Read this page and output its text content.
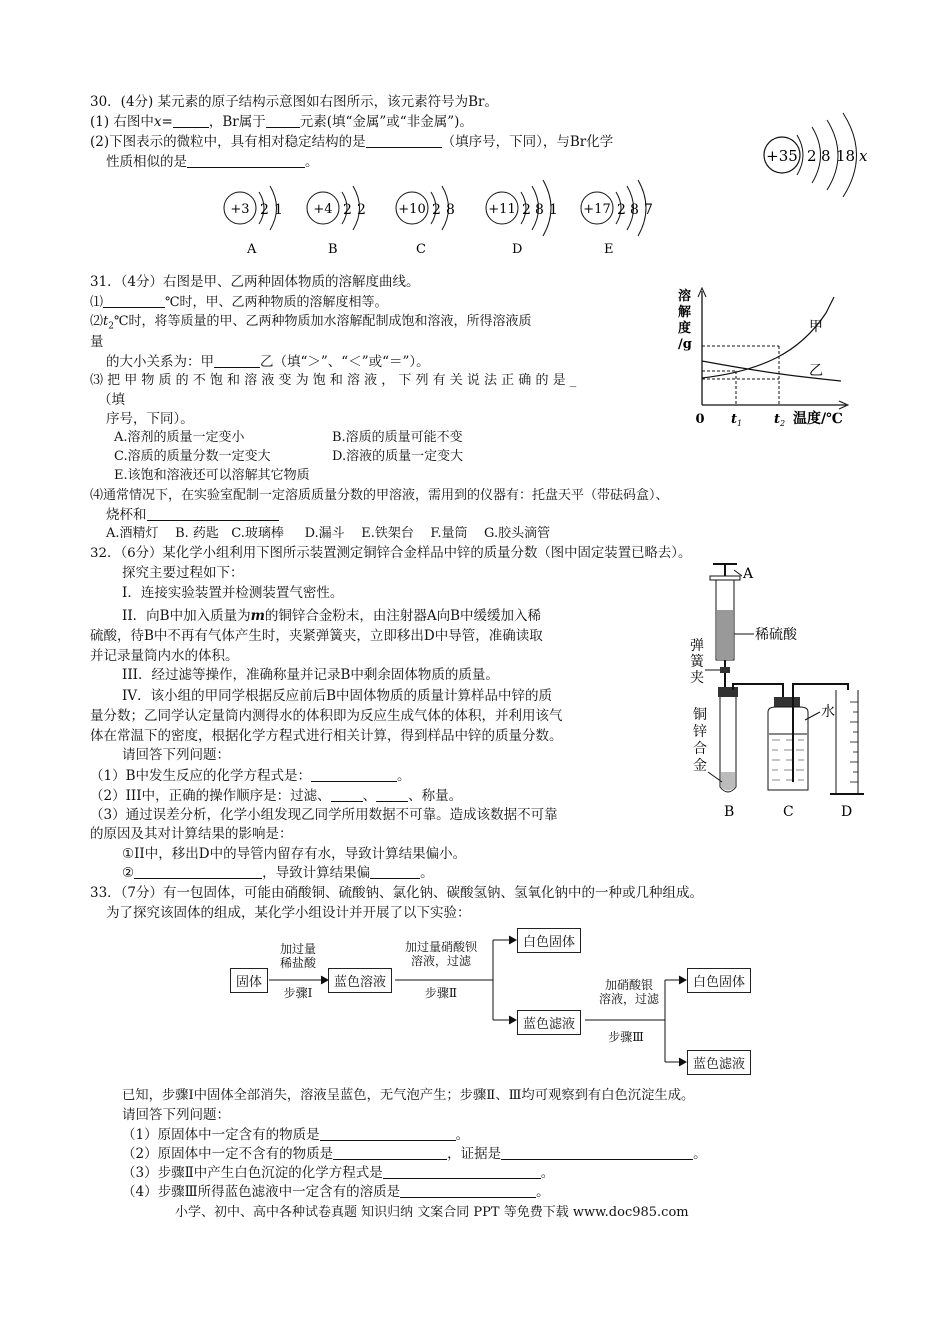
30．(4分) 某元素的原子结构示意图如右图所示，该元素符号为Br。
(1) 右图中x=	，Br属于	元素(填“金属”或“非金属”)。
(2)下图表示的微粒中，具有相对稳定结构的是	（填序号，下同），与Br化学
性质相似的是	。	+35 2 8 18 x
+3 2 1
A
+4 2 2
B
+10 2 8
C
+11 2 8 1
D
+17 2 8 7
E
31．（4分）右图是甲、乙两种固体物质的溶解度曲线。
⑴	℃时，甲、乙两种物质的溶解度相等。
$⑵t_2℃$时，将等质量的甲、乙两种物质加水溶解配制成饱和溶液，所得溶液质
量
的大小关系为：甲	乙（填“＞”、“＜”或“＝”）。
⑶ 把 甲 物 质 的 不 饱 和 溶 液 变 为 饱 和 溶 液 ， 下 列 有 关 说 法 正 确 的 是 _
（填
序号，下同）。
A.溶剂的质量一定变小	B.溶质的质量可能不变
C.溶质的质量分数一定变大	D.溶液的质量一定变大
E.该饱和溶液还可以溶解其它物质
⑷通常情况下，在实验室配制一定溶质质量分数的甲溶液，需用到的仪器有：托盘天平（带砝码盒）、
烧杯和
A.酒精灯 B. 药匙 C.玻璃棒 D.漏斗 E.铁架台 F.量筒 G.胶头滴管
溶
解
度
/g
甲
乙
0 t 1 t 2 温度/℃
32．（6分）某化学小组利用下图所示装置测定铜锌合金样品中锌的质量分数（图中固定装置已略去）。
探究主要过程如下：
I．连接实验装置并检测装置气密性。
II．向B中加入质量为m的铜锌合金粉末，由注射器A向B中缓缓加入稀
硫酸，待B中不再有气体产生时，夹紧弹簧夹，立即移出D中导管，准确读取
并记录量筒内水的体积。
III．经过滤等操作，准确称量并记录B中剩余固体物质的质量。
IV．该小组的甲同学根据反应前后B中固体物质的质量计算样品中锌的质
量分数；乙同学认定量筒内测得水的体积即为反应生成气体的体积，并利用该气
体在常温下的密度，根据化学方程式进行相关计算，得到样品中锌的质量分数。
请回答下列问题：
（1）B中发生反应的化学方程式是：	。
（2）III中，正确的操作顺序是：过滤、 、 、称量。
（3）通过误差分析，化学小组发现乙同学所用数据不可靠。造成该数据不可靠
的原因及其对计算结果的影响是：
①II中，移出D中的导管内留存有水，导致计算结果偏小。
②	，导致计算结果偏	。
A
稀硫酸
弹
簧
夹
铜
锌
合
金
水
B	C	D
33．（7分）有一包固体，可能由硝酸铜、硫酸钠、氯化钠、碳酸氢钠、氢氧化钠中的一种或几种组成。
为了探究该固体的组成，某化学小组设计并开展了以下实验：
固体
加过量
稀盐酸
步骤Ⅰ
蓝色溶液
加过量硝酸钡
溶液，过滤
步骤Ⅱ
白色固体
蓝色滤液
加硝酸银
溶液，过滤
步骤Ⅲ
白色固体
蓝色滤液
已知，步骤Ⅰ中固体全部消失，溶液呈蓝色，无气泡产生；步骤Ⅱ、Ⅲ均可观察到有白色沉淀生成。
请回答下列问题：
（1）原固体中一定含有的物质是	。
（2）原固体中一定不含有的物质是	，证据是	。
（3）步骤Ⅱ中产生白色沉淀的化学方程式是	。
（4）步骤Ⅲ所得蓝色滤液中一定含有的溶质是	。
小学、初中、高中各种试卷真题 知识归纳 文案合同 PPT 等免费下载 www.doc985.com
